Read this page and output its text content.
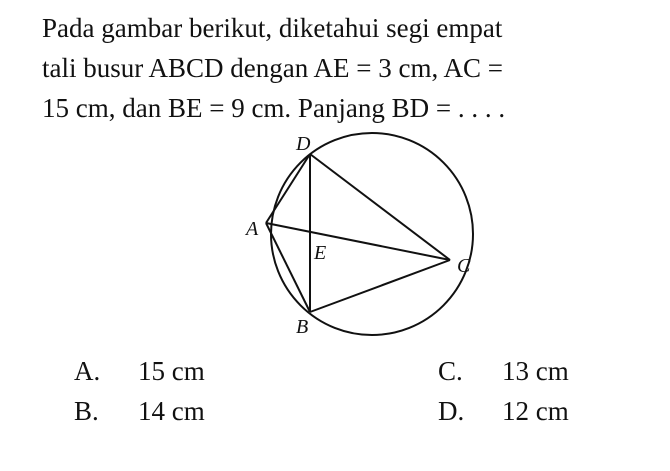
Pada gambar berikut, diketahui segi empat
tali busur ABCD dengan AE = 3 cm, AC =
15 cm, dan BE = 9 cm. Panjang BD = . . . .
D
A
E
C
B
A. 15 cm
B. 14 cm
C. 13 cm
D. 12 cm
